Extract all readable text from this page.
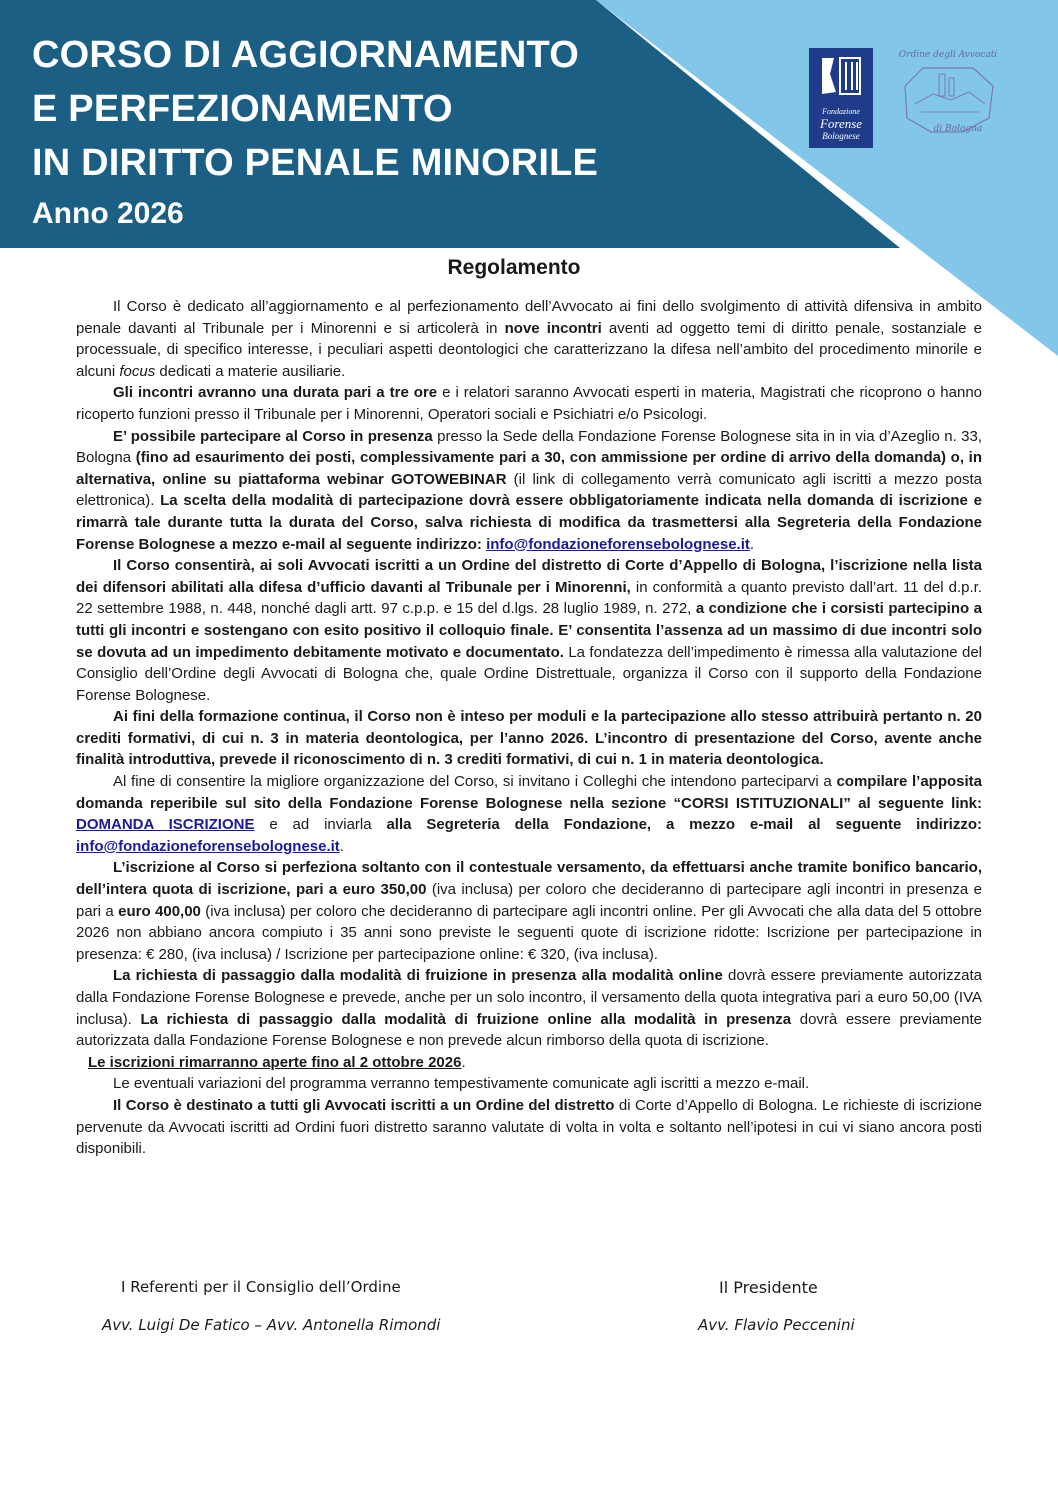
CORSO DI AGGIORNAMENTO
E PERFEZIONAMENTO
IN DIRITTO PENALE MINORILE
Anno 2026
Fondazione
Forense
Bolognese
Ordine degli Avvocati
di Bologna
Regolamento

Il Corso è dedicato all’aggiornamento e al perfezionamento dell’Avvocato ai fini dello svolgimento di attività difensiva in ambito penale davanti al Tribunale per i Minorenni e si articolerà in nove incontri aventi ad oggetto temi di diritto penale, sostanziale e processuale, di specifico interesse, i peculiari aspetti deontologici che caratterizzano la difesa nell’ambito del procedimento minorile e alcuni focus dedicati a materie ausiliarie.

Gli incontri avranno una durata pari a tre ore e i relatori saranno Avvocati esperti in materia, Magistrati che ricoprono o hanno ricoperto funzioni presso il Tribunale per i Minorenni, Operatori sociali e Psichiatri e/o Psicologi.

E’ possibile partecipare al Corso in presenza presso la Sede della Fondazione Forense Bolognese sita in in via d’Azeglio n. 33, Bologna (fino ad esaurimento dei posti, complessivamente pari a 30, con ammissione per ordine di arrivo della domanda) o, in alternativa, online su piattaforma webinar GOTOWEBINAR (il link di collegamento verrà comunicato agli iscritti a mezzo posta elettronica). La scelta della modalità di partecipazione dovrà essere obbligatoriamente indicata nella domanda di iscrizione e rimarrà tale durante tutta la durata del Corso, salva richiesta di modifica da trasmettersi alla Segreteria della Fondazione Forense Bolognese a mezzo e-mail al seguente indirizzo: info@fondazioneforensebolognese.it.

Il Corso consentirà, ai soli Avvocati iscritti a un Ordine del distretto di Corte d’Appello di Bologna, l’iscrizione nella lista dei difensori abilitati alla difesa d’ufficio davanti al Tribunale per i Minorenni, in conformità a quanto previsto dall’art. 11 del d.p.r. 22 settembre 1988, n. 448, nonché dagli artt. 97 c.p.p. e 15 del d.lgs. 28 luglio 1989, n. 272, a condizione che i corsisti partecipino a tutti gli incontri e sostengano con esito positivo il colloquio finale. E’ consentita l’assenza ad un massimo di due incontri solo se dovuta ad un impedimento debitamente motivato e documentato. La fondatezza dell’impedimento è rimessa alla valutazione del Consiglio dell’Ordine degli Avvocati di Bologna che, quale Ordine Distrettuale, organizza il Corso con il supporto della Fondazione Forense Bolognese.

Ai fini della formazione continua, il Corso non è inteso per moduli e la partecipazione allo stesso attribuirà pertanto n. 20 crediti formativi, di cui n. 3 in materia deontologica, per l’anno 2026. L’incontro di presentazione del Corso, avente anche finalità introduttiva, prevede il riconoscimento di n. 3 crediti formativi, di cui n. 1 in materia deontologica.

Al fine di consentire la migliore organizzazione del Corso, si invitano i Colleghi che intendono parteciparvi a compilare l’apposita domanda reperibile sul sito della Fondazione Forense Bolognese nella sezione “CORSI ISTITUZIONALI” al seguente link: DOMANDA ISCRIZIONE e ad inviarla alla Segreteria della Fondazione, a mezzo e-mail al seguente indirizzo: info@fondazioneforensebolognese.it.

L’iscrizione al Corso si perfeziona soltanto con il contestuale versamento, da effettuarsi anche tramite bonifico bancario, dell’intera quota di iscrizione, pari a euro 350,00 (iva inclusa) per coloro che decideranno di partecipare agli incontri in presenza e pari a euro 400,00 (iva inclusa) per coloro che decideranno di partecipare agli incontri online. Per gli Avvocati che alla data del 5 ottobre 2026 non abbiano ancora compiuto i 35 anni sono previste le seguenti quote di iscrizione ridotte: Iscrizione per partecipazione in presenza: € 280, (iva inclusa) / Iscrizione per partecipazione online: € 320, (iva inclusa).

La richiesta di passaggio dalla modalità di fruizione in presenza alla modalità online dovrà essere previamente autorizzata dalla Fondazione Forense Bolognese e prevede, anche per un solo incontro, il versamento della quota integrativa pari a euro 50,00 (IVA inclusa). La richiesta di passaggio dalla modalità di fruizione online alla modalità in presenza dovrà essere previamente autorizzata dalla Fondazione Forense Bolognese e non prevede alcun rimborso della quota di iscrizione.

Le iscrizioni rimarranno aperte fino al 2 ottobre 2026.

Le eventuali variazioni del programma verranno tempestivamente comunicate agli iscritti a mezzo e-mail.

Il Corso è destinato a tutti gli Avvocati iscritti a un Ordine del distretto di Corte d’Appello di Bologna. Le richieste di iscrizione pervenute da Avvocati iscritti ad Ordini fuori distretto saranno valutate di volta in volta e soltanto nell’ipotesi in cui vi siano ancora posti disponibili.

I Referenti per il Consiglio dell’Ordine
Avv. Luigi De Fatico – Avv. Antonella Rimondi
Il Presidente
Avv. Flavio Peccenini
